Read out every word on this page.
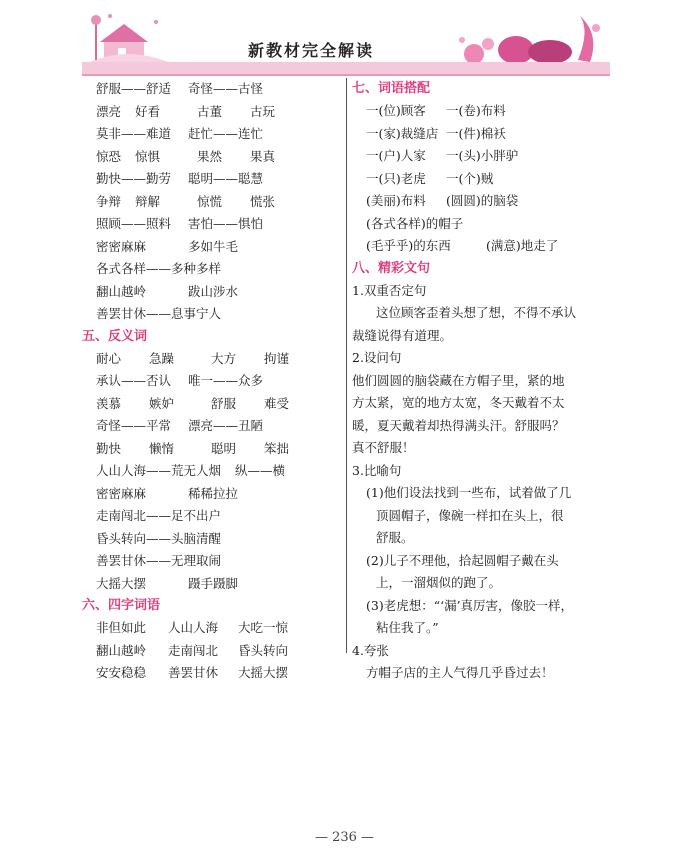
新教材完全解读
舒服——舒适	奇怪——古怪
漂亮 好看	古董 古玩
莫非——难道	赶忙——连忙
惊恐 惊惧	果然 果真
勤快——勤劳	聪明——聪慧
争辩 辩解	惊慌 慌张
照顾——照料	害怕——惧怕
密密麻麻	多如牛毛
各式各样——多种多样
翻山越岭	跋山涉水
善罢甘休——息事宁人
五、反义词
耐心 急躁	大方 拘谨
承认——否认	唯一——众多
羡慕 嫉妒	舒服 难受
奇怪——平常	漂亮——丑陋
勤快 懒惰	聪明 笨拙
人山人海——荒无人烟 纵——横
密密麻麻	稀稀拉拉
走南闯北——足不出户
昏头转向——头脑清醒
善罢甘休——无理取闹
大摇大摆	蹑手蹑脚
六、四字词语
非但如此	人山人海	大吃一惊
翻山越岭	走南闯北	昏头转向
安安稳稳	善罢甘休	大摇大摆
七、词语搭配
一(位)顾客	一(卷)布料
一(家)裁缝店 一(件)棉袄
一(户)人家	一(头)小胖驴
一(只)老虎	一(个)贼
(美丽)布料	(圆圆)的脑袋
(各式各样)的帽子
(毛乎乎)的东西	(满意)地走了
八、精彩文句
1.双重否定句
这位顾客歪着头想了想，不得不承认
裁缝说得有道理。
2.设问句
他们圆圆的脑袋藏在方帽子里，紧的地
方太紧，宽的地方太宽，冬天戴着不太
暖，夏天戴着却热得满头汗。舒服吗？
真不舒服！
3.比喻句
(1)他们设法找到一些布，试着做了几
顶圆帽子，像碗一样扣在头上，很
舒服。
(2)儿子不理他，拾起圆帽子戴在头
上，一溜烟似的跑了。
(3)老虎想：“‘漏’真厉害，像胶一样，
粘住我了。”
4.夸张
方帽子店的主人气得几乎昏过去！
— 236 —
